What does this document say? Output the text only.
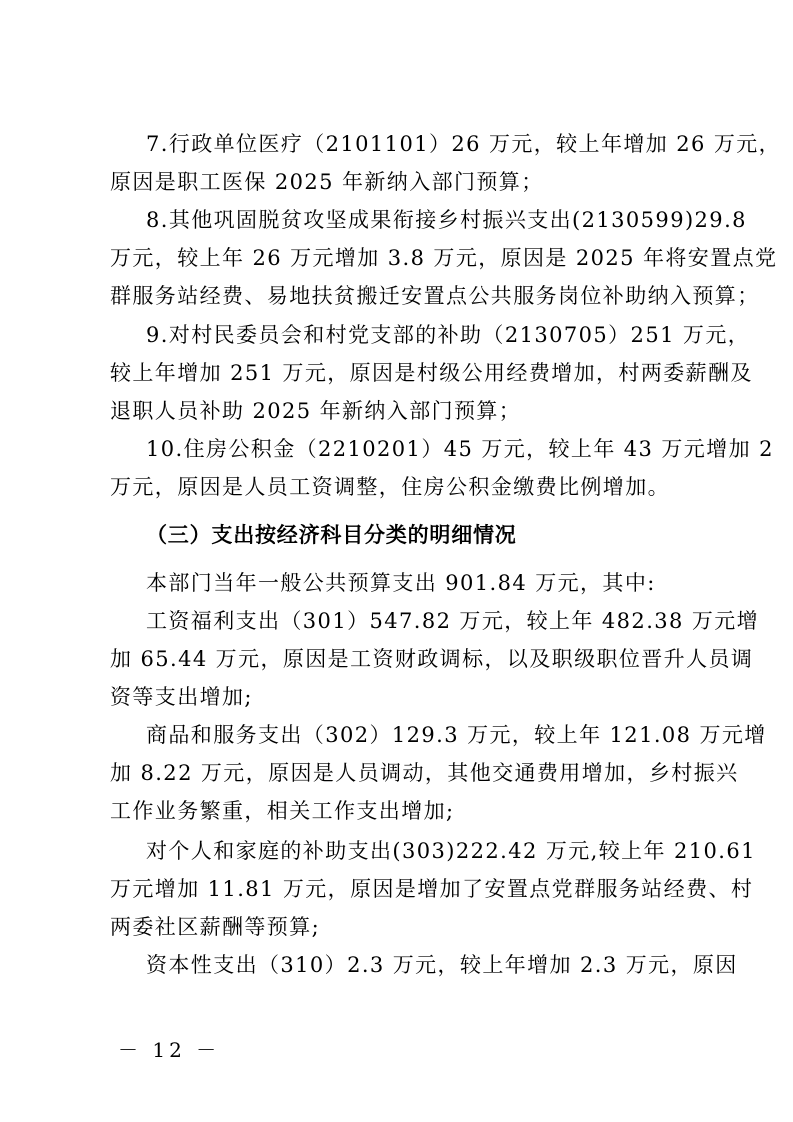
7.行政单位医疗（2101101）26 万元，较上年增加 26 万元，
原因是职工医保 2025 年新纳入部门预算；
8.其他巩固脱贫攻坚成果衔接乡村振兴支出(2130599)29.8
万元，较上年 26 万元增加 3.8 万元，原因是 2025 年将安置点党
群服务站经费、易地扶贫搬迁安置点公共服务岗位补助纳入预算；
9.对村民委员会和村党支部的补助（2130705）251 万元，
较上年增加 251 万元，原因是村级公用经费增加，村两委薪酬及
退职人员补助 2025 年新纳入部门预算；
10.住房公积金（2210201）45 万元，较上年 43 万元增加 2
万元，原因是人员工资调整，住房公积金缴费比例增加。
（三）支出按经济科目分类的明细情况
本部门当年一般公共预算支出 901.84 万元，其中:
工资福利支出（301）547.82 万元，较上年 482.38 万元增
加 65.44 万元，原因是工资财政调标，以及职级职位晋升人员调
资等支出增加;
商品和服务支出（302）129.3 万元，较上年 121.08 万元增
加 8.22 万元，原因是人员调动，其他交通费用增加，乡村振兴
工作业务繁重，相关工作支出增加;
对个人和家庭的补助支出(303)222.42 万元,较上年 210.61
万元增加 11.81 万元，原因是增加了安置点党群服务站经费、村
两委社区薪酬等预算;
资本性支出（310）2.3 万元，较上年增加 2.3 万元，原因
－ 12 －
